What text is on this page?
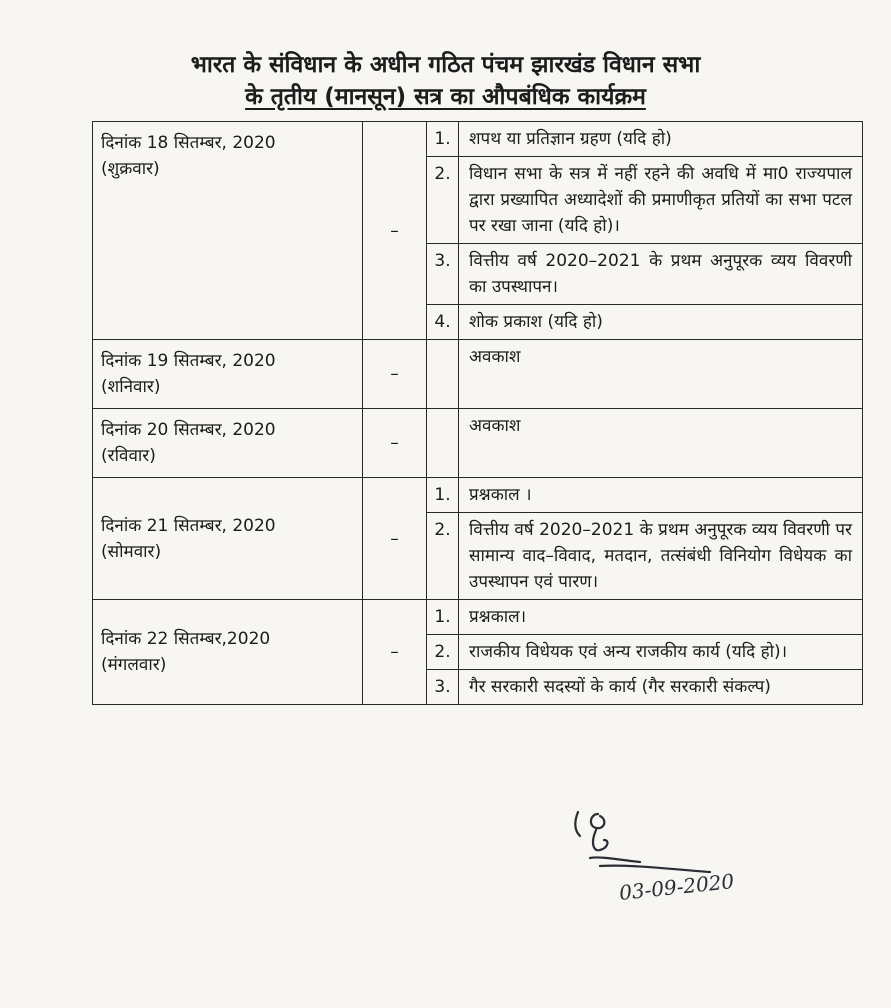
भारत के संविधान के अधीन गठित पंचम झारखंड विधान सभा
के तृतीय (मानसून) सत्र का औपबंधिक कार्यक्रम
दिनांक 18 सितम्बर, 2020
(शुक्रवार)	–	1.	शपथ या प्रतिज्ञान ग्रहण (यदि हो)
		2.	विधान सभा के सत्र में नहीं रहने की अवधि में मा0 राज्यपाल द्वारा प्रख्यापित अध्यादेशों की प्रमाणीकृत प्रतियों का सभा पटल पर रखा जाना (यदि हो)।
		3.	वित्तीय वर्ष 2020–2021 के प्रथम अनुपूरक व्यय विवरणी का उपस्थापन।
		4.	शोक प्रकाश (यदि हो)

दिनांक 19 सितम्बर, 2020
(शनिवार)	–		अवकाश

दिनांक 20 सितम्बर, 2020
(रविवार)	–		अवकाश

दिनांक 21 सितम्बर, 2020
(सोमवार)	–	1.	प्रश्नकाल ।
		2.	वित्तीय वर्ष 2020–2021 के प्रथम अनुपूरक व्यय विवरणी पर सामान्य वाद–विवाद, मतदान, तत्संबंधी विनियोग विधेयक का उपस्थापन एवं पारण।

दिनांक 22 सितम्बर,2020
(मंगलवार)	–	1.	प्रश्नकाल।
		2.	राजकीय विधेयक एवं अन्य राजकीय कार्य (यदि हो)।
		3.	गैर सरकारी सदस्यों के कार्य (गैर सरकारी संकल्प)
03-09-2020
